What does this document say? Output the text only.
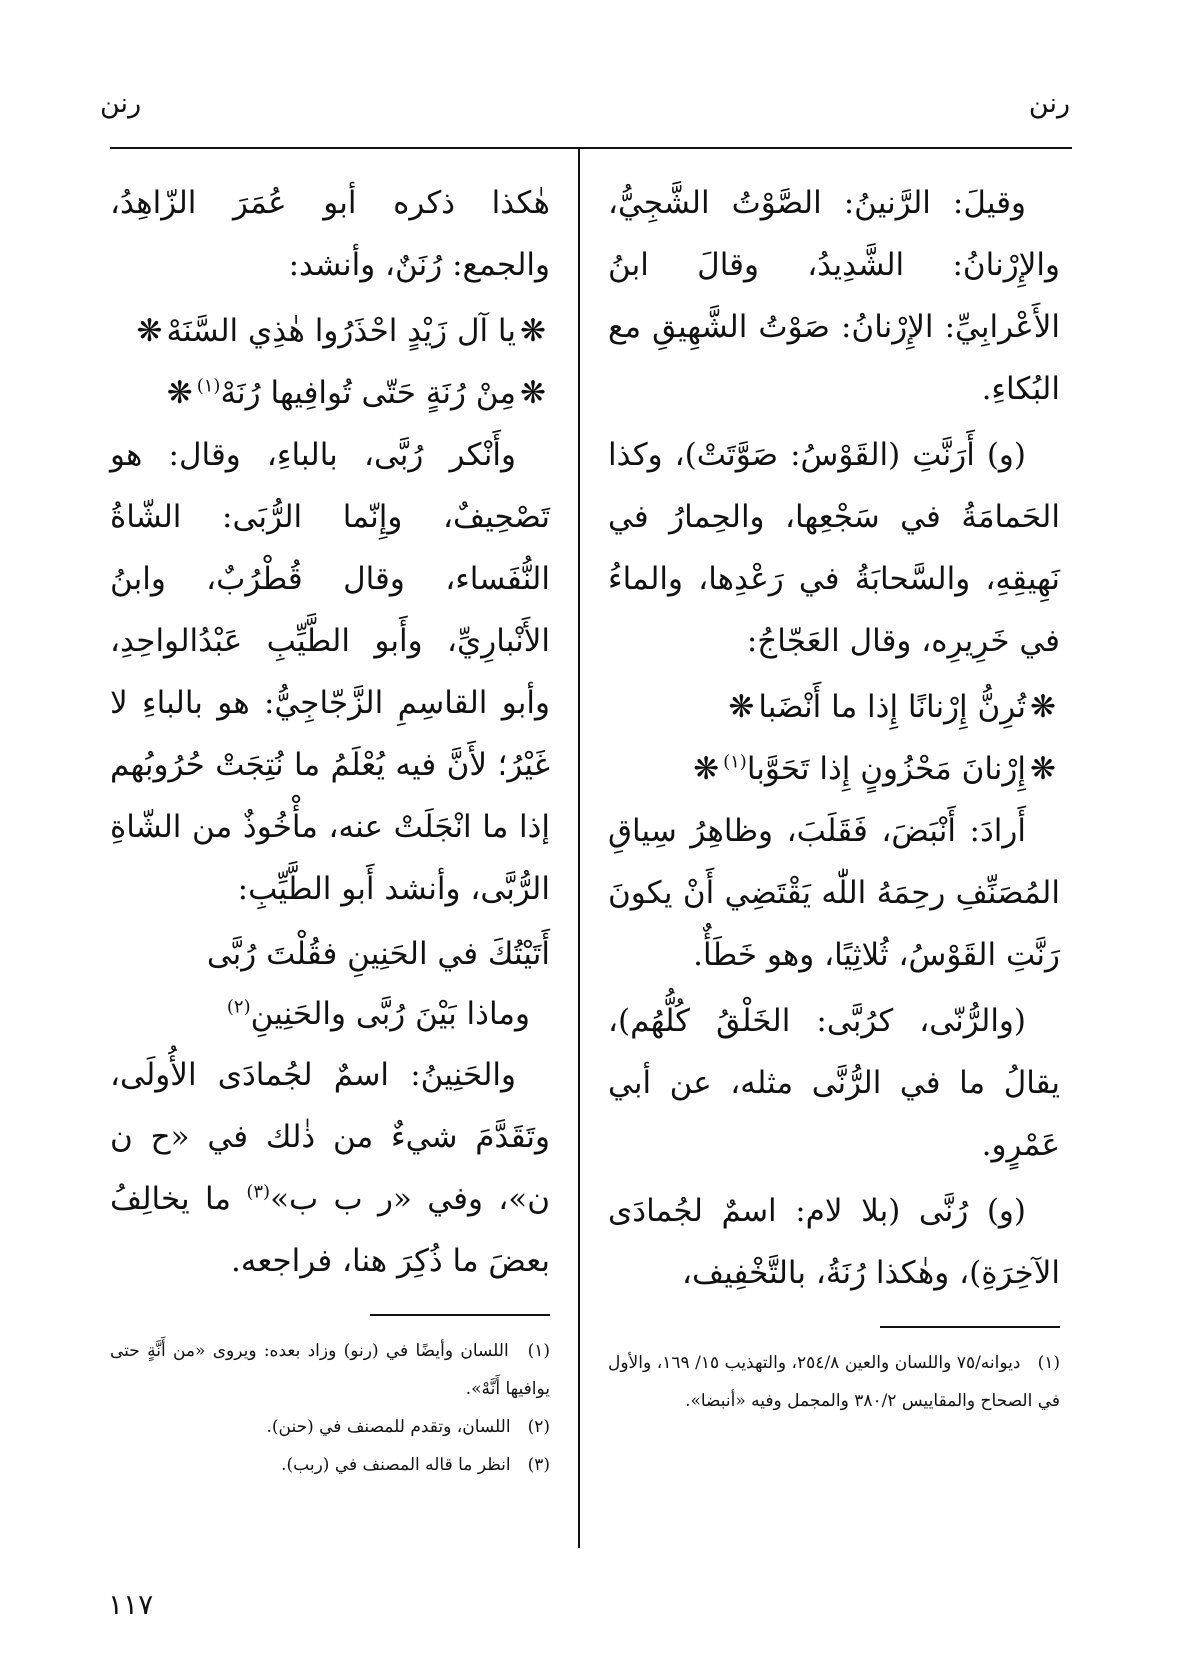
رنن
رنن

وقيلَ: الرَّنينُ: الصَّوْتُ الشَّجِيُّ، والإِرْنانُ: الشَّدِيدُ، وقالَ ابنُ الأَعْرابِيِّ: الإِرْنانُ: صَوْتُ الشَّهِيقِ مع البُكاءِ.

(و) أَرَنَّتِ (القَوْسُ: صَوَّتَتْ)، وكذا الحَمامَةُ في سَجْعِها، والحِمارُ في نَهِيقِهِ، والسَّحابَةُ في رَعْدِها، والماءُ في خَرِيرِه، وقال العَجّاجُ:

❋تُرِنُّ إِرْنانًا إِذا ما أَنْضَبا❋

❋إِرْنانَ مَحْزُونٍ إِذا تَحَوَّبا$^{(١)}$❋

أَرادَ: أَنْبَضَ، فَقَلَبَ، وظاهِرُ سِياقِ المُصَنِّفِ رحِمَهُ اللّٰه يَقْتَضِي أَنْ يكونَ رَنَّتِ القَوْسُ، ثُلاثِيًا، وهو خَطَأٌ.

(والرُّنّى، كرُبَّى: الخَلْقُ كُلُّهُم)، يقالُ ما في الرُّنَّى مثله، عن أبي عَمْرٍو.

(و) رُنَّى (بلا لام: اسمٌ لجُمادَى الآخِرَةِ)، وهٰكذا رُنَةُ، بالتَّخْفِيف،

(١) ديوانه/٧٥ واللسان والعين ٢٥٤/٨، والتهذيب ١٥/ ١٦٩، والأول في الصحاح والمقاييس ٣٨٠/٢ والمجمل وفيه «أنبضا».

هٰكذا ذكره أبو عُمَرَ الزّاهِدُ، والجمع: رُنَنٌ، وأنشد:

❋يا آل زَيْدٍ احْذَرُوا هٰذِي السَّنَهْ❋

❋مِنْ رُنَةٍ حَتّى تُوافِيها رُنَهْ$^{(١)}$❋

وأَنْكر رُبَّى، بالباءِ، وقال: هو تَصْحِيفٌ، وإِنّما الرُّبَى: الشّاةُ النُّفَساء، وقال قُطْرُبٌ، وابنُ الأَنْبارِيِّ، وأَبو الطَّيِّبِ عَبْدُالواحِدِ، وأبو القاسِمِ الزَّجّاجِيُّ: هو بالباءِ لا غَيْرُ؛ لأَنَّ فيه يُعْلَمُ ما نُتِجَتْ حُرُوبُهم إذا ما انْجَلَتْ عنه، مأْخُوذٌ من الشّاةِ الرُّبَّى، وأنشد أَبو الطَّيِّبِ:

أَتَيْتُكَ في الحَنِينِ فقُلْتَ رُبَّى

وماذا بَيْنَ رُبَّى والحَنِينِ$^{(٢)}$

والحَنِينُ: اسمٌ لجُمادَى الأُولَى، وتَقَدَّمَ شيءٌ من ذٰلك في «ح ن ن»، وفي «ر ب ب»$^{(٣)}$ ما يخالِفُ بعضَ ما ذُكِرَ هنا، فراجعه.

(١) اللسان وأيضًا في (رنو) وزاد بعده: ويروى «من أَنَّةٍ حتى يوافيها أَنَّهْ».

(٢) اللسان، وتقدم للمصنف في (حنن).

(٣) انظر ما قاله المصنف في (ربب).

١١٧
